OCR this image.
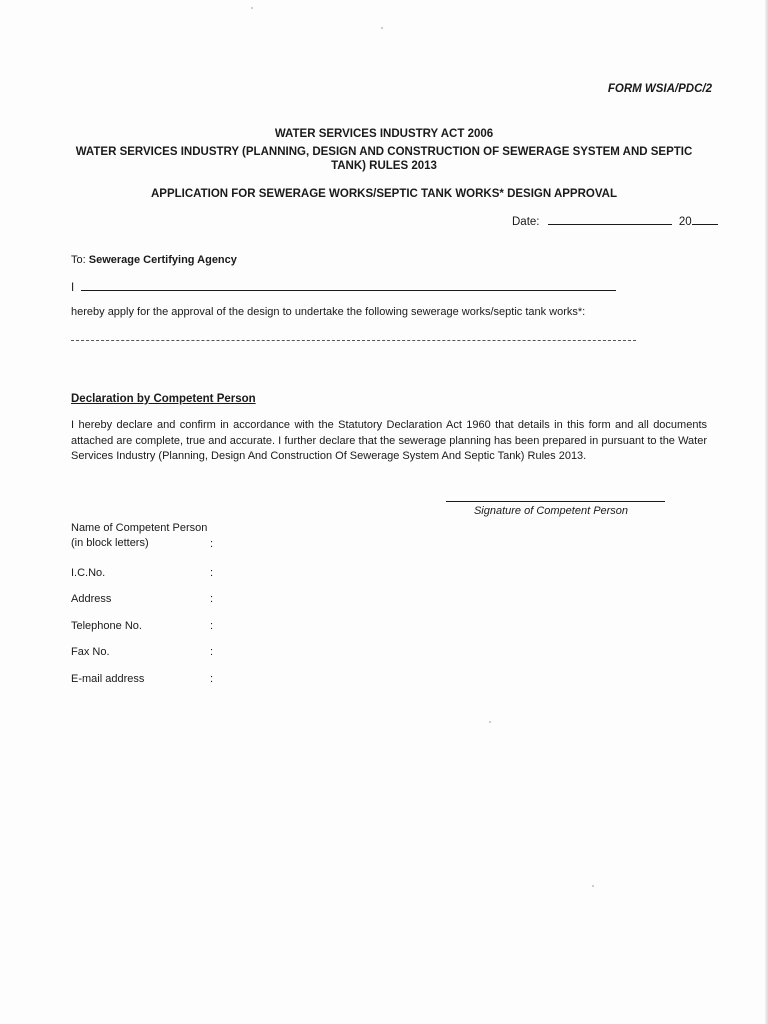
FORM WSIA/PDC/2
WATER SERVICES INDUSTRY ACT 2006
WATER SERVICES INDUSTRY (PLANNING, DESIGN AND CONSTRUCTION OF SEWERAGE SYSTEM AND SEPTIC
TANK) RULES 2013
APPLICATION FOR SEWERAGE WORKS/SEPTIC TANK WORKS* DESIGN APPROVAL
Date:	20
To: Sewerage Certifying Agency
I
hereby apply for the approval of the design to undertake the following sewerage works/septic tank works*:
Declaration by Competent Person
I hereby declare and confirm in accordance with the Statutory Declaration Act 1960 that details in this form and all documents attached are complete, true and accurate. I further declare that the sewerage planning has been prepared in pursuant to the Water Services Industry (Planning, Design And Construction Of Sewerage System And Septic Tank) Rules 2013.
Signature of Competent Person
Name of Competent Person
(in block letters)	:
I.C.No.	:
Address	:
Telephone No.	:
Fax No.	:
E-mail address	:
